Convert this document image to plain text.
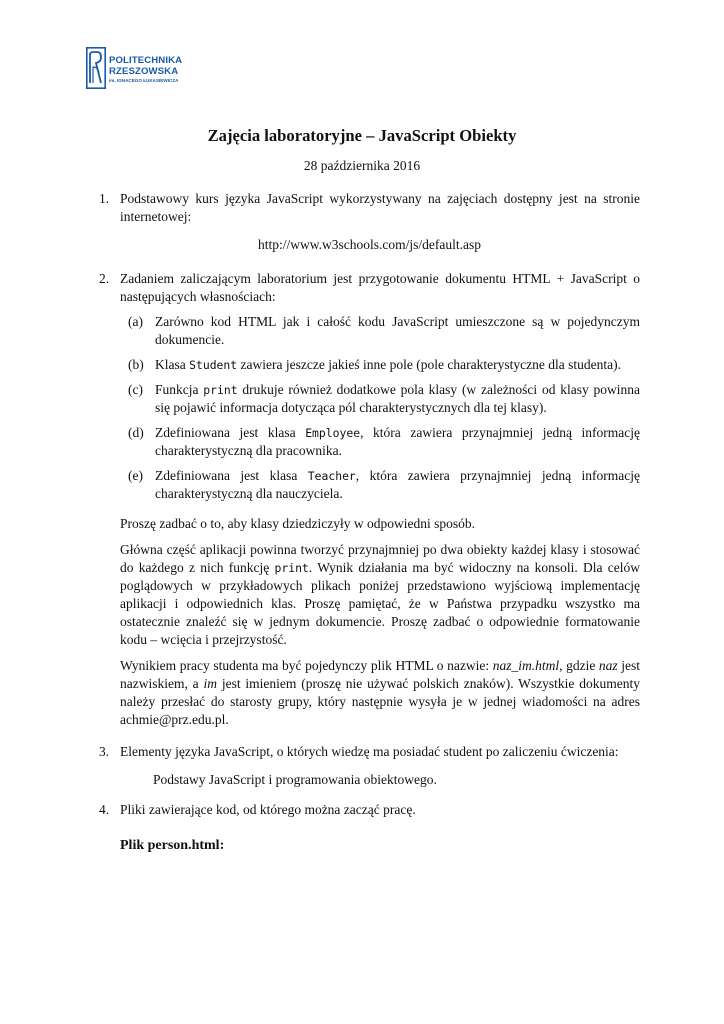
POLITECHNIKA
RZESZOWSKA
im. IGNACEGO ŁUKASIEWICZA
Zajęcia laboratoryjne – JavaScript Obiekty
28 października 2016
1. Podstawowy kurs języka JavaScript wykorzystywany na zajęciach dostępny jest na stronie internetowej:
http://www.w3schools.com/js/default.asp
2. Zadaniem zaliczającym laboratorium jest przygotowanie dokumentu HTML + JavaScript o następujących własnościach:
(a) Zarówno kod HTML jak i całość kodu JavaScript umieszczone są w pojedynczym dokumencie.
(b) Klasa Student zawiera jeszcze jakieś inne pole (pole charakterystyczne dla studenta).
(c) Funkcja print drukuje również dodatkowe pola klasy (w zależności od klasy powinna się pojawić informacja dotycząca pól charakterystycznych dla tej klasy).
(d) Zdefiniowana jest klasa Employee, która zawiera przynajmniej jedną informację charakterystyczną dla pracownika.
(e) Zdefiniowana jest klasa Teacher, która zawiera przynajmniej jedną informację charakterystyczną dla nauczyciela.
Proszę zadbać o to, aby klasy dziedziczyły w odpowiedni sposób.
Główna część aplikacji powinna tworzyć przynajmniej po dwa obiekty każdej klasy i stosować do każdego z nich funkcję print. Wynik działania ma być widoczny na konsoli. Dla celów poglądowych w przykładowych plikach poniżej przedstawiono wyjściową implementację aplikacji i odpowiednich klas. Proszę pamiętać, że w Państwa przypadku wszystko ma ostatecznie znaleźć się w jednym dokumencie. Proszę zadbać o odpowiednie formatowanie kodu – wcięcia i przejrzystość.
Wynikiem pracy studenta ma być pojedynczy plik HTML o nazwie: naz_im.html, gdzie naz jest nazwiskiem, a im jest imieniem (proszę nie używać polskich znaków). Wszystkie dokumenty należy przesłać do starosty grupy, który następnie wysyła je w jednej wiadomości na adres achmie@prz.edu.pl.
3. Elementy języka JavaScript, o których wiedzę ma posiadać student po zaliczeniu ćwiczenia:
Podstawy JavaScript i programowania obiektowego.
4. Pliki zawierające kod, od którego można zacząć pracę.
Plik person.html:
